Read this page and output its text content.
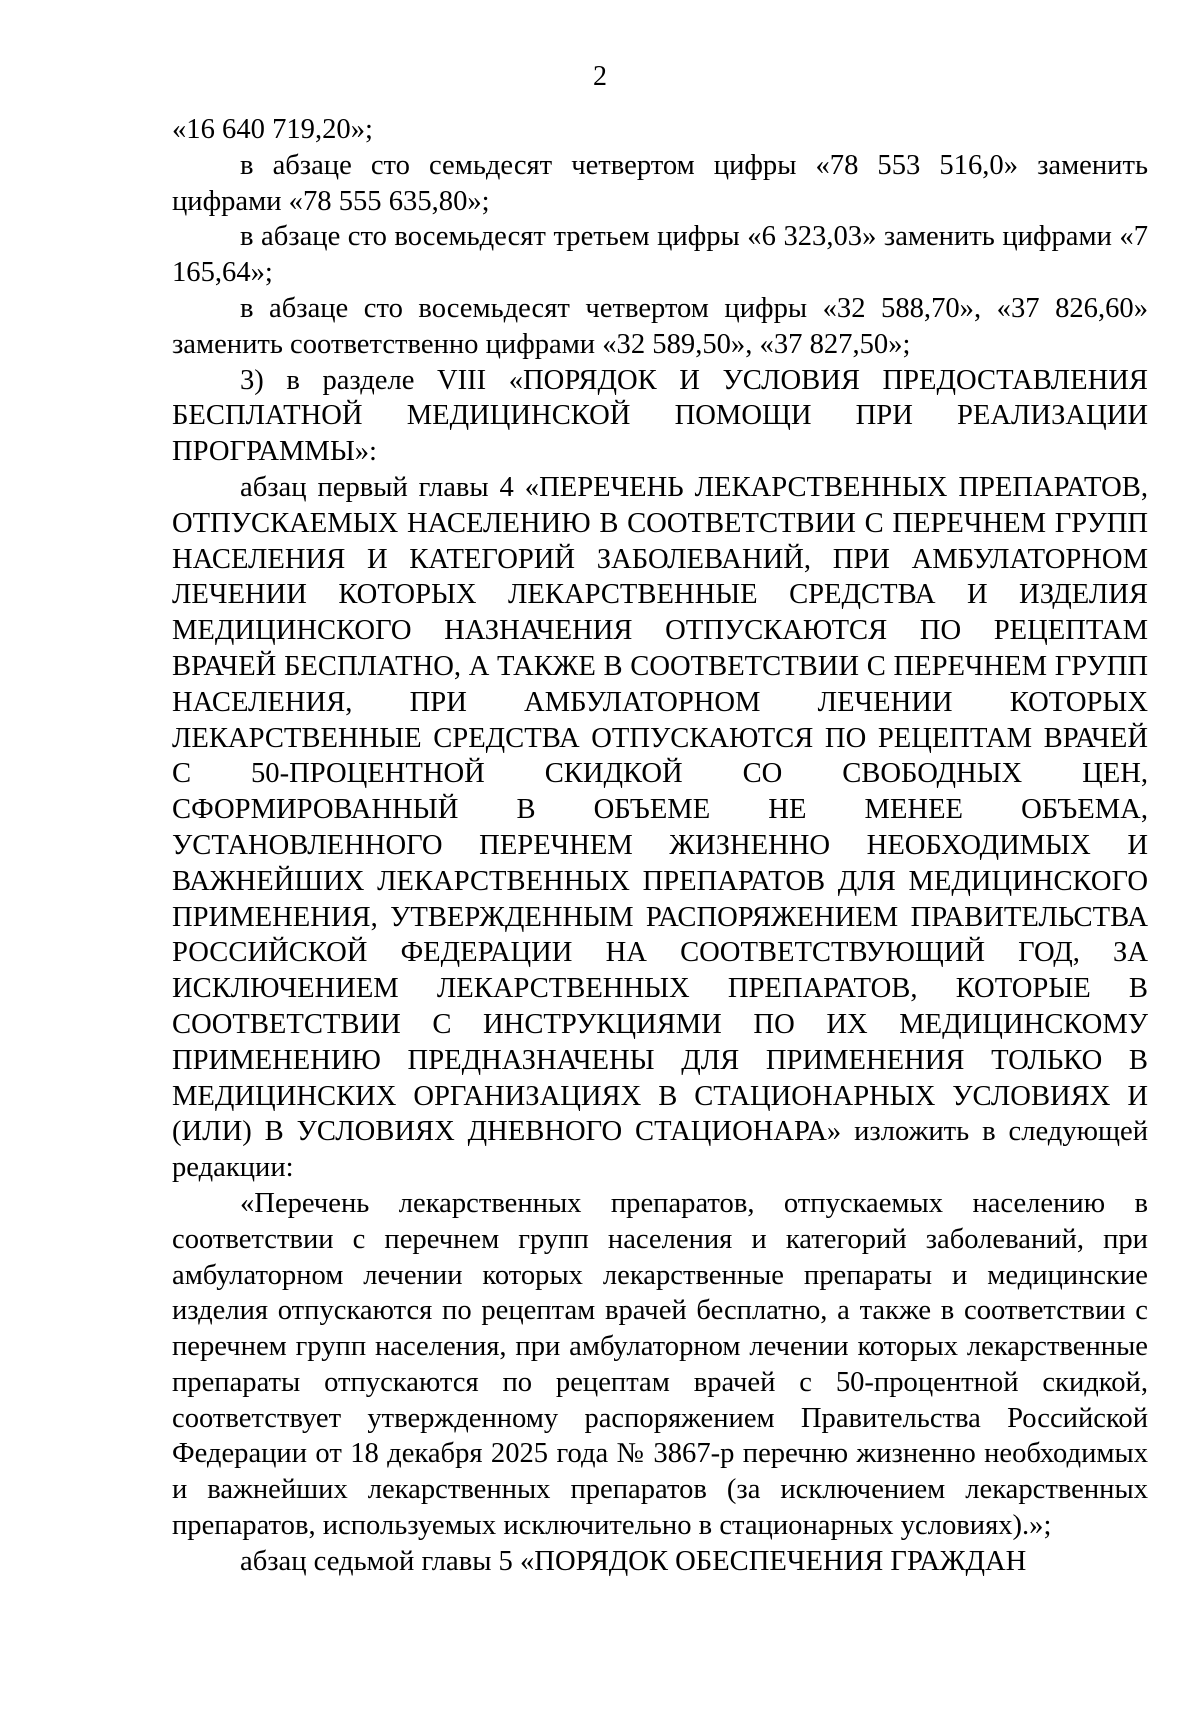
2

«16 640 719,20»;

в абзаце сто семьдесят четвертом цифры «78 553 516,0» заменить цифрами «78 555 635,80»;

в абзаце сто восемьдесят третьем цифры «6 323,03» заменить цифрами «7 165,64»;

в абзаце сто восемьдесят четвертом цифры «32 588,70», «37 826,60» заменить соответственно цифрами «32 589,50», «37 827,50»;

3) в разделе VIII «ПОРЯДОК И УСЛОВИЯ ПРЕДОСТАВЛЕНИЯ БЕСПЛАТНОЙ МЕДИЦИНСКОЙ ПОМОЩИ ПРИ РЕАЛИЗАЦИИ ПРОГРАММЫ»:

абзац первый главы 4 «ПЕРЕЧЕНЬ ЛЕКАРСТВЕННЫХ ПРЕПАРАТОВ, ОТПУСКАЕМЫХ НАСЕЛЕНИЮ В СООТВЕТСТВИИ С ПЕРЕЧНЕМ ГРУПП НАСЕЛЕНИЯ И КАТЕГОРИЙ ЗАБОЛЕВАНИЙ, ПРИ АМБУЛАТОРНОМ ЛЕЧЕНИИ КОТОРЫХ ЛЕКАРСТВЕННЫЕ СРЕДСТВА И ИЗДЕЛИЯ МЕДИЦИНСКОГО НАЗНАЧЕНИЯ ОТПУСКАЮТСЯ ПО РЕЦЕПТАМ ВРАЧЕЙ БЕСПЛАТНО, А ТАКЖЕ В СООТВЕТСТВИИ С ПЕРЕЧНЕМ ГРУПП НАСЕЛЕНИЯ, ПРИ АМБУЛАТОРНОМ ЛЕЧЕНИИ КОТОРЫХ ЛЕКАРСТВЕННЫЕ СРЕДСТВА ОТПУСКАЮТСЯ ПО РЕЦЕПТАМ ВРАЧЕЙ С 50-ПРОЦЕНТНОЙ СКИДКОЙ СО СВОБОДНЫХ ЦЕН, СФОРМИРОВАННЫЙ В ОБЪЕМЕ НЕ МЕНЕЕ ОБЪЕМА, УСТАНОВЛЕННОГО ПЕРЕЧНЕМ ЖИЗНЕННО НЕОБХОДИМЫХ И ВАЖНЕЙШИХ ЛЕКАРСТВЕННЫХ ПРЕПАРАТОВ ДЛЯ МЕДИЦИНСКОГО ПРИМЕНЕНИЯ, УТВЕРЖДЕННЫМ РАСПОРЯЖЕНИЕМ ПРАВИТЕЛЬСТВА РОССИЙСКОЙ ФЕДЕРАЦИИ НА СООТВЕТСТВУЮЩИЙ ГОД, ЗА ИСКЛЮЧЕНИЕМ ЛЕКАРСТВЕННЫХ ПРЕПАРАТОВ, КОТОРЫЕ В СООТВЕТСТВИИ С ИНСТРУКЦИЯМИ ПО ИХ МЕДИЦИНСКОМУ ПРИМЕНЕНИЮ ПРЕДНАЗНАЧЕНЫ ДЛЯ ПРИМЕНЕНИЯ ТОЛЬКО В МЕДИЦИНСКИХ ОРГАНИЗАЦИЯХ В СТАЦИОНАРНЫХ УСЛОВИЯХ И (ИЛИ) В УСЛОВИЯХ ДНЕВНОГО СТАЦИОНАРА» изложить в следующей редакции:

«Перечень лекарственных препаратов, отпускаемых населению в соответствии с перечнем групп населения и категорий заболеваний, при амбулаторном лечении которых лекарственные препараты и медицинские изделия отпускаются по рецептам врачей бесплатно, а также в соответствии с перечнем групп населения, при амбулаторном лечении которых лекарственные препараты отпускаются по рецептам врачей с 50-процентной скидкой, соответствует утвержденному распоряжением Правительства Российской Федерации от 18 декабря 2025 года № 3867-р перечню жизненно необходимых и важнейших лекарственных препаратов (за исключением лекарственных препаратов, используемых исключительно в стационарных условиях).»;

абзац седьмой главы 5 «ПОРЯДОК ОБЕСПЕЧЕНИЯ ГРАЖДАН
